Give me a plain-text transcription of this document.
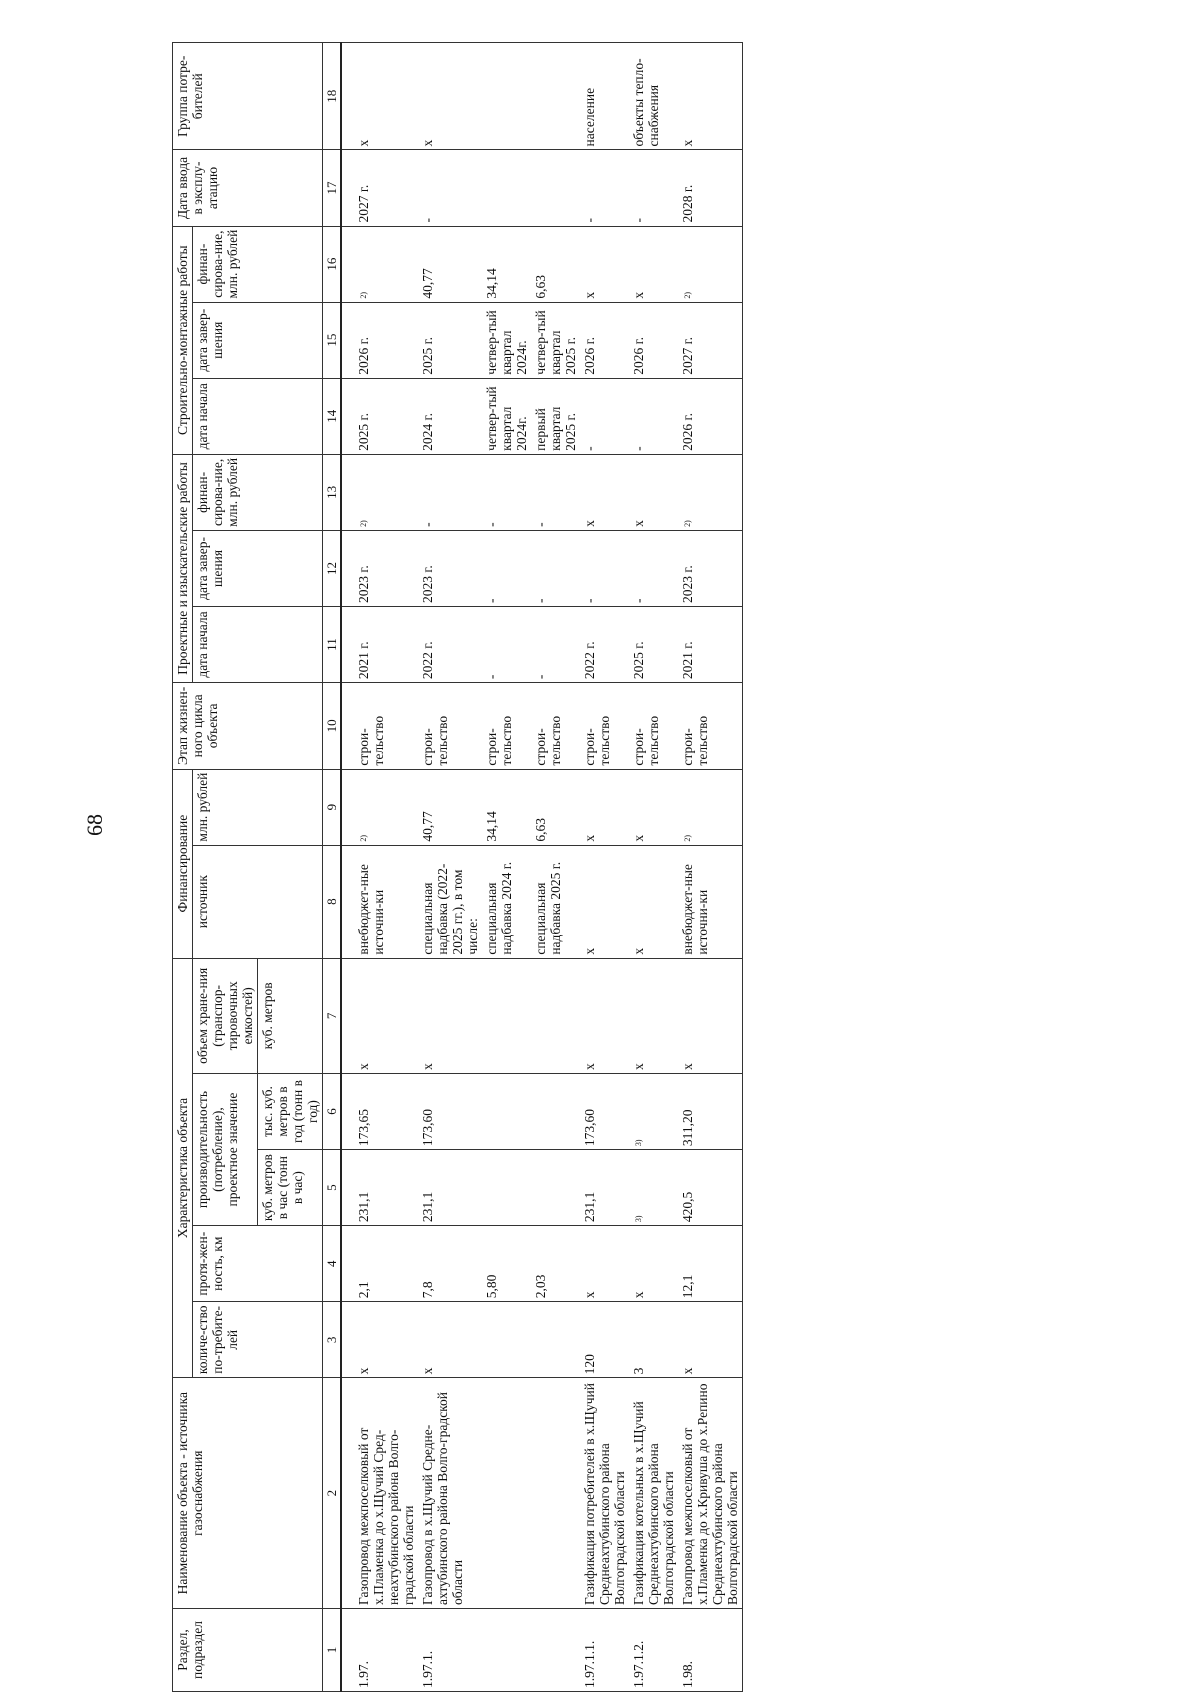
68
Раздел, подраздел	Наименование объекта - источника газоснабжения	Характеристика объекта					Финансирование		Этап жизнен-ного цикла объекта	Проектные и изыскательские работы			Строительно-монтажные работы			Дата ввода в эксплу-атацию	Группа потре-бителей
		количе-ство по-требите-лей	протя-жен-ность, км	производительность (потребление), проектное значение		объем хране-ния (транспор-тировочных емкостей)	источник	млн. рублей		дата начала	дата завер-шения	финан-сирова-ние, млн. рублей	дата начала	дата завер-шения	финан-сирова-ние, млн. рублей		
				куб. метров в час (тонн в час)	тыс. куб. метров в год (тонн в год)	куб. метров											
1	2	3	4	5	6	7	8	9	10	11	12	13	14	15	16	17	18
1.97.	Газопровод межпоселковый от х.Пламенка до х.Щучий Сред-неахтубинского района Волго-градской области	х	2,1	231,1	173,65	х	внебюджет-ные источни-ки	2)	строи-тельство	2021 г.	2023 г.	2)	2025 г.	2026 г.	2)	2027 г.	х
1.97.1.	Газопровод в х.Щучий Средне-ахтубинского района Волго-градской области	х	7,8	231,1	173,60	х	специальная надбавка (2022-2025 гг.), в том числе:	40,77	строи-тельство	2022 г.	2023 г.	-	2024 г.	2025 г.	40,77	-	х
			5,80				специальная надбавка 2024 г.	34,14	строи-тельство	-	-	-	четвер-тый квартал 2024г.	четвер-тый квартал 2024г.	34,14		
			2,03				специальная надбавка 2025 г.	6,63	строи-тельство	-	-	-	первый квартал 2025 г.	четвер-тый квартал 2025 г.	6,63		
1.97.1.1.	Газификация потребителей в х.Щучий Среднеахтубинского района Волгоградской области	120	х	231,1	173,60	х	х	х	строи-тельство	2022 г.	-	х	-	2026 г.	х	-	население
1.97.1.2.	Газификация котельных в х.Щучий Среднеахтубинского района Волгоградской области	3	х	3)	3)	х	х	х	строи-тельство	2025 г.	-	х	-	2026 г.	х	-	объекты тепло-снабжения
1.98.	Газопровод межпоселковый от х.Пламенка до х.Кривуша до х.Репино Среднеахтубинского района Волгоградской области	х	12,1	420,5	311,20	х	внебюджет-ные источни-ки	2)	строи-тельство	2021 г.	2023 г.	2)	2026 г.	2027 г.	2)	2028 г.	х
